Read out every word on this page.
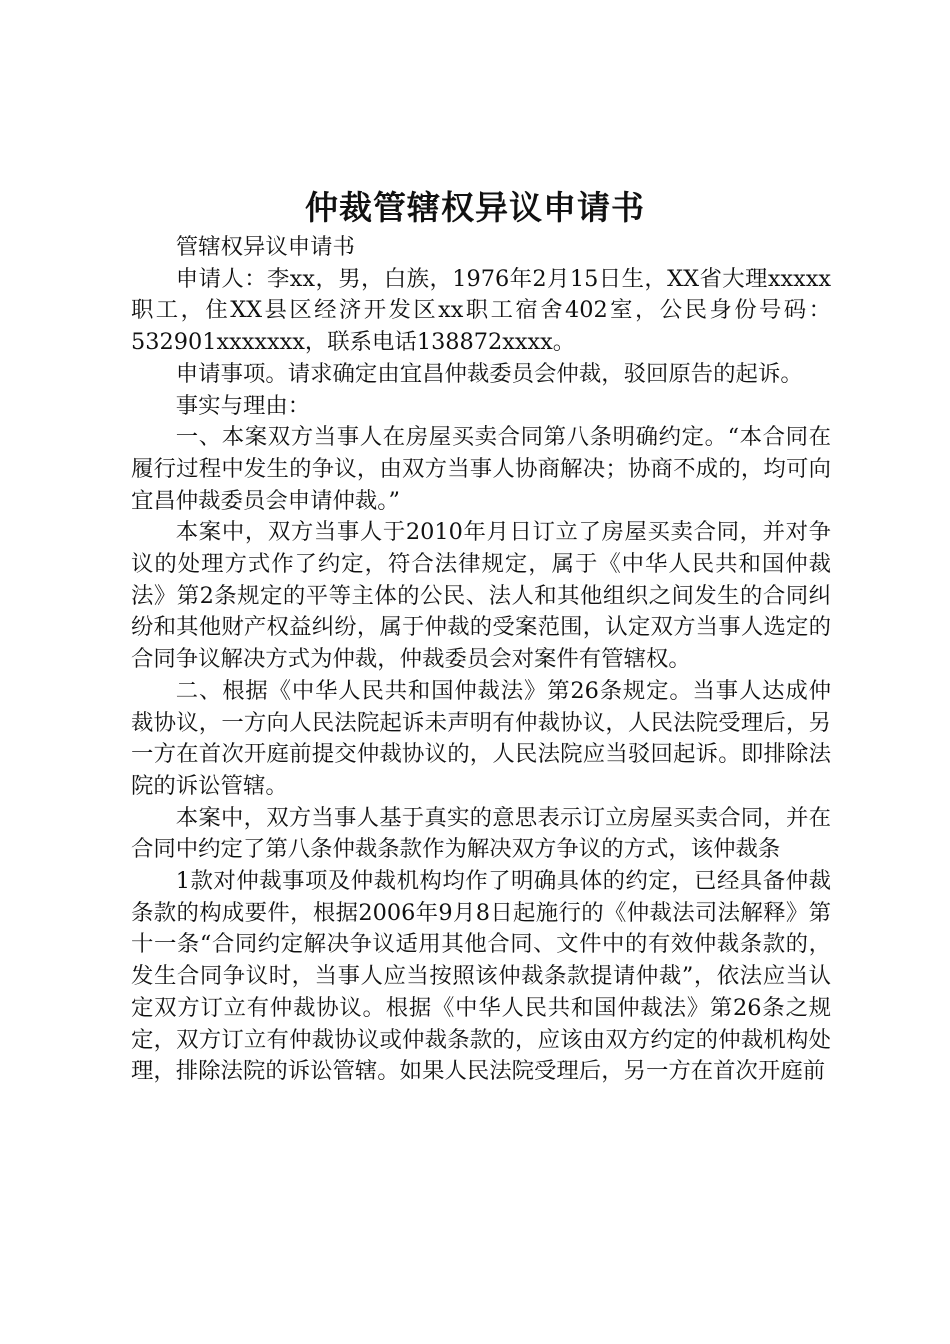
仲裁管辖权异议申请书

管辖权异议申请书

申请人：李xx，男，白族，1976年2月15日生，XX省大理xxxxx职工，住XX县区经济开发区xx职工宿舍402室，公民身份号码：532901xxxxxxx，联系电话138872xxxx。

申请事项。请求确定由宜昌仲裁委员会仲裁，驳回原告的起诉。

事实与理由：

一、本案双方当事人在房屋买卖合同第八条明确约定。“本合同在履行过程中发生的争议，由双方当事人协商解决；协商不成的，均可向宜昌仲裁委员会申请仲裁。”

本案中，双方当事人于2010年月日订立了房屋买卖合同，并对争议的处理方式作了约定，符合法律规定，属于《中华人民共和国仲裁法》第2条规定的平等主体的公民、法人和其他组织之间发生的合同纠纷和其他财产权益纠纷，属于仲裁的受案范围，认定双方当事人选定的合同争议解决方式为仲裁，仲裁委员会对案件有管辖权。

二、根据《中华人民共和国仲裁法》第26条规定。当事人达成仲裁协议，一方向人民法院起诉未声明有仲裁协议，人民法院受理后，另一方在首次开庭前提交仲裁协议的，人民法院应当驳回起诉。即排除法院的诉讼管辖。

本案中，双方当事人基于真实的意思表示订立房屋买卖合同，并在合同中约定了第八条仲裁条款作为解决双方争议的方式，该仲裁条

1款对仲裁事项及仲裁机构均作了明确具体的约定，已经具备仲裁条款的构成要件，根据2006年9月8日起施行的《仲裁法司法解释》第十一条“合同约定解决争议适用其他合同、文件中的有效仲裁条款的，发生合同争议时，当事人应当按照该仲裁条款提请仲裁”，依法应当认定双方订立有仲裁协议。根据《中华人民共和国仲裁法》第26条之规定，双方订立有仲裁协议或仲裁条款的，应该由双方约定的仲裁机构处理，排除法院的诉讼管辖。如果人民法院受理后，另一方在首次开庭前
